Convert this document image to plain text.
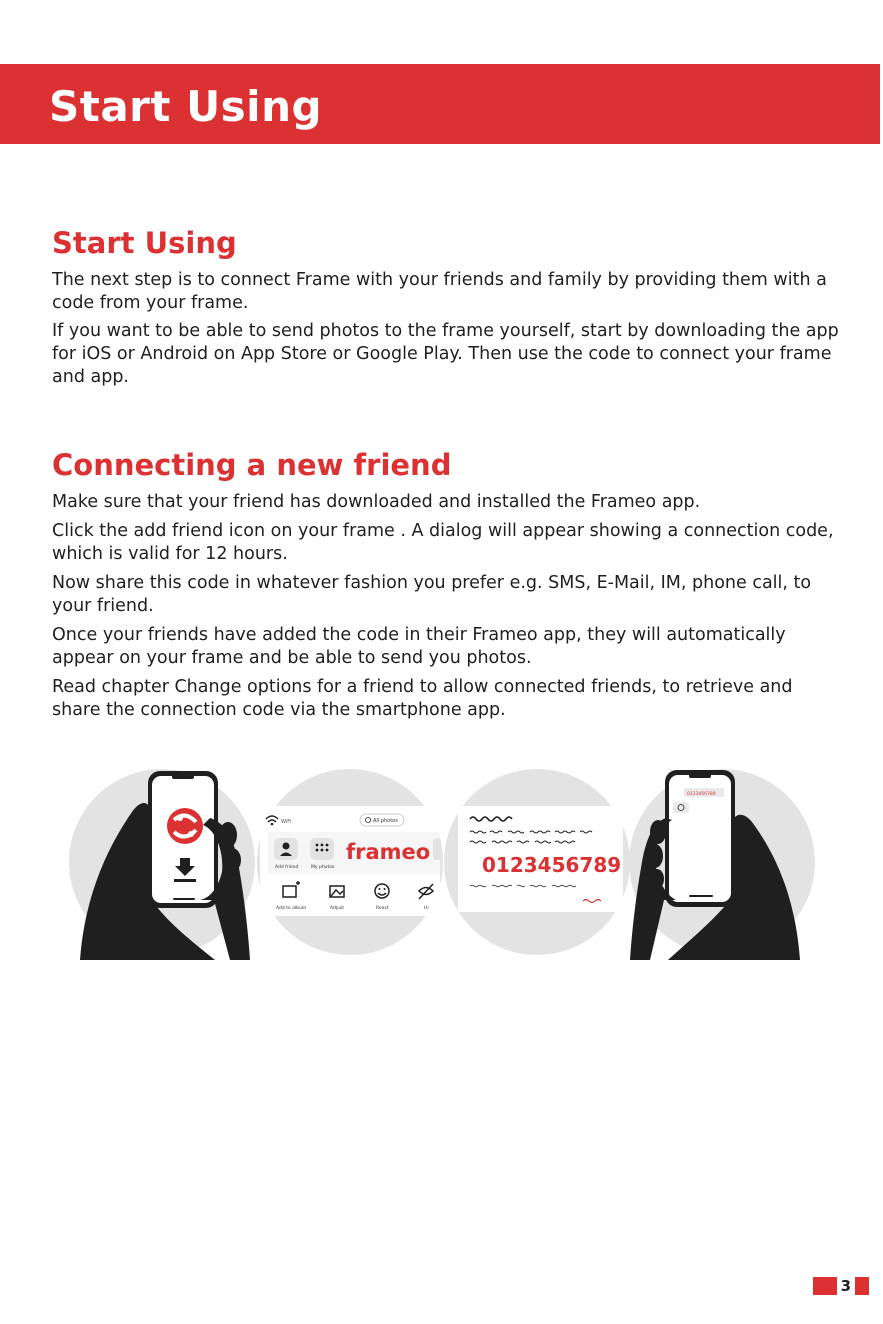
Start Using
Start Using

The next step is to connect Frame with your friends and family by providing them with a code from your frame.

If you want to be able to send photos to the frame yourself, start by downloading the app for iOS or Android on App Store or Google Play. Then use the code to connect your frame and app.

Connecting a new friend

Make sure that your friend has downloaded and installed the Frameo app.

Click the add friend icon on your frame . A dialog will appear showing a connection code, which is valid for 12 hours.

Now share this code in whatever fashion you prefer e.g. SMS, E-Mail, IM, phone call, to your friend.

Once your friends have added the code in their Frameo app, they will automatically appear on your frame and be able to send you photos.

Read chapter Change options for a friend to allow connected friends, to retrieve and share the connection code via the smartphone app.

WiFi	All photos
Add friend	My photos
frameo
Add to album	Adjust	React	Hi
0123456789
0123456789
3
